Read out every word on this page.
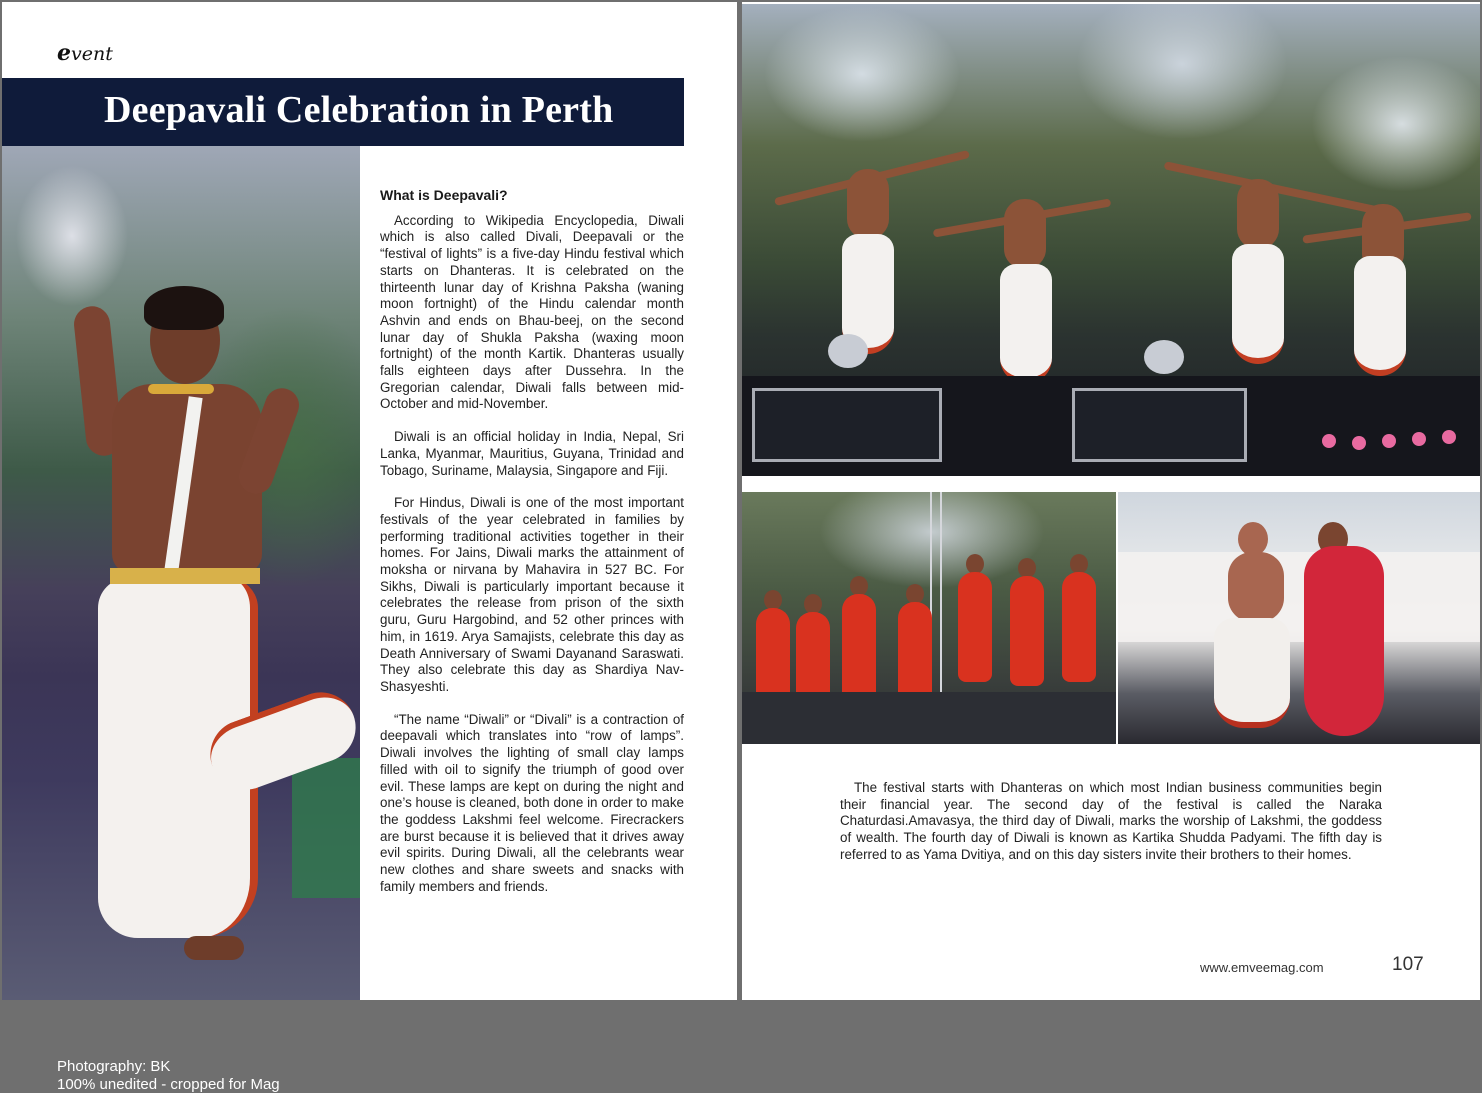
event
Deepavali Celebration in Perth
Photography: BK
100% unedited - cropped for Mag
What is Deepavali?

According to Wikipedia Encyclopedia, Diwali which is also called Divali, Deepavali or the “festival of lights” is a five-day Hindu festival which starts on Dhanteras. It is celebrated on the thirteenth lunar day of Krishna Paksha (waning moon fortnight) of the Hindu calendar month Ashvin and ends on Bhau-beej, on the second lunar day of Shukla Paksha (waxing moon fortnight) of the month Kartik. Dhanteras usually falls eighteen days after Dussehra. In the Gregorian calendar, Diwali falls between mid-October and mid-November.

Diwali is an official holiday in India, Nepal, Sri Lanka, Myanmar, Mauritius, Guyana, Trinidad and Tobago, Suriname, Malaysia, Singapore and Fiji.

For Hindus, Diwali is one of the most important festivals of the year celebrated in families by performing traditional activities together in their homes. For Jains, Diwali marks the attainment of moksha or nirvana by Mahavira in 527 BC. For Sikhs, Diwali is particularly important because it celebrates the release from prison of the sixth guru, Guru Hargobind, and 52 other princes with him, in 1619. Arya Samajists, celebrate this day as Death Anniversary of Swami Dayanand Saraswati. They also celebrate this day as Shardiya Nav-Shasyeshti.

“The name “Diwali” or “Divali” is a contraction of deepavali which translates into “row of lamps”. Diwali involves the lighting of small clay lamps filled with oil to signify the triumph of good over evil. These lamps are kept on during the night and one’s house is cleaned, both done in order to make the goddess Lakshmi feel welcome. Firecrackers are burst because it is believed that it drives away evil spirits. During Diwali, all the celebrants wear new clothes and share sweets and snacks with family members and friends.

The festival starts with Dhanteras on which most Indian business communities begin their financial year. The second day of the festival is called the Naraka Chaturdasi.Amavasya, the third day of Diwali, marks the worship of Lakshmi, the goddess of wealth. The fourth day of Diwali is known as Kartika Shudda Padyami. The fifth day is referred to as Yama Dvitiya, and on this day sisters invite their brothers to their homes.

www.emveemag.com	107
